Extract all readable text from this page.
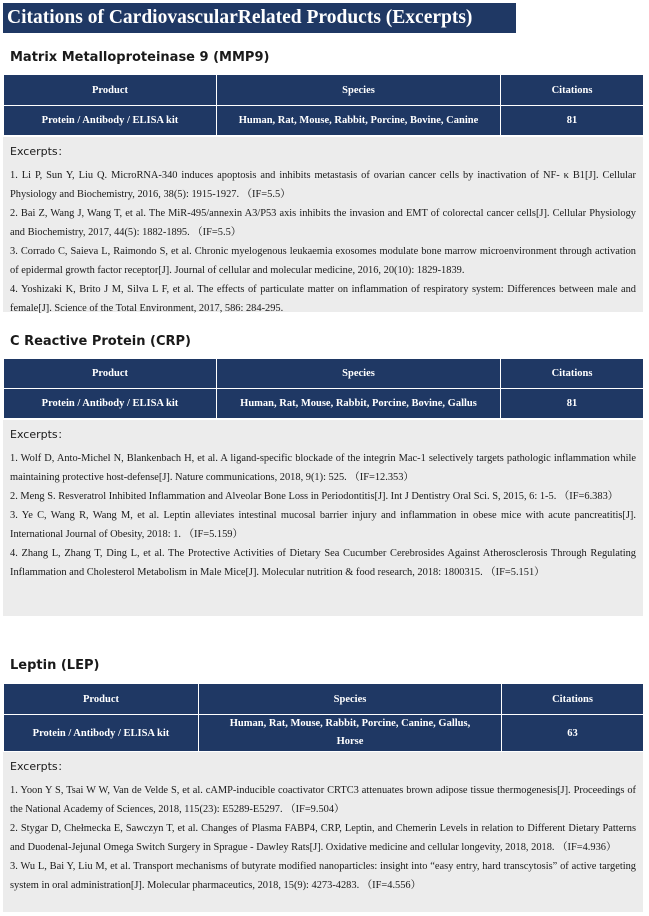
Citations of CardiovascularRelated Products (Excerpts)
Matrix Metalloproteinase 9 (MMP9)
Product	Species	Citations
Protein / Antibody / ELISA kit	Human, Rat, Mouse, Rabbit, Porcine, Bovine, Canine	81
Excerpts：
1. Li P, Sun Y, Liu Q. MicroRNA-340 induces apoptosis and inhibits metastasis of ovarian cancer cells by inactivation of NF- κ B1[J]. Cellular Physiology and Biochemistry, 2016, 38(5): 1915-1927. （IF=5.5）
2. Bai Z, Wang J, Wang T, et al. The MiR-495/annexin A3/P53 axis inhibits the invasion and EMT of colorectal cancer cells[J]. Cellular Physiology and Biochemistry, 2017, 44(5): 1882-1895. （IF=5.5）
3. Corrado C, Saieva L, Raimondo S, et al. Chronic myelogenous leukaemia exosomes modulate bone marrow microenvironment through activation of epidermal growth factor receptor[J]. Journal of cellular and molecular medicine, 2016, 20(10): 1829-1839.
4. Yoshizaki K, Brito J M, Silva L F, et al. The effects of particulate matter on inflammation of respiratory system: Differences between male and female[J]. Science of the Total Environment, 2017, 586: 284-295.
C Reactive Protein (CRP)
Product	Species	Citations
Protein / Antibody / ELISA kit	Human, Rat, Mouse, Rabbit, Porcine, Bovine, Gallus	81
Excerpts：
1. Wolf D, Anto-Michel N, Blankenbach H, et al. A ligand-specific blockade of the integrin Mac-1 selectively targets pathologic inflammation while maintaining protective host-defense[J]. Nature communications, 2018, 9(1): 525. （IF=12.353）
2. Meng S. Resveratrol Inhibited Inflammation and Alveolar Bone Loss in Periodontitis[J]. Int J Dentistry Oral Sci. S, 2015, 6: 1-5. （IF=6.383）
3. Ye C, Wang R, Wang M, et al. Leptin alleviates intestinal mucosal barrier injury and inflammation in obese mice with acute pancreatitis[J]. International Journal of Obesity, 2018: 1. （IF=5.159）
4. Zhang L, Zhang T, Ding L, et al. The Protective Activities of Dietary Sea Cucumber Cerebrosides Against Atherosclerosis Through Regulating Inflammation and Cholesterol Metabolism in Male Mice[J]. Molecular nutrition & food research, 2018: 1800315. （IF=5.151）
Leptin (LEP)
Product	Species	Citations
Protein / Antibody / ELISA kit	Human, Rat, Mouse, Rabbit, Porcine, Canine, Gallus, Horse	63
Excerpts：
1. Yoon Y S, Tsai W W, Van de Velde S, et al. cAMP-inducible coactivator CRTC3 attenuates brown adipose tissue thermogenesis[J]. Proceedings of the National Academy of Sciences, 2018, 115(23): E5289-E5297. （IF=9.504）
2. Stygar D, Chełmecka E, Sawczyn T, et al. Changes of Plasma FABP4, CRP, Leptin, and Chemerin Levels in relation to Different Dietary Patterns and Duodenal-Jejunal Omega Switch Surgery in Sprague - Dawley Rats[J]. Oxidative medicine and cellular longevity, 2018, 2018. （IF=4.936）
3. Wu L, Bai Y, Liu M, et al. Transport mechanisms of butyrate modified nanoparticles: insight into “easy entry, hard transcytosis” of active targeting system in oral administration[J]. Molecular pharmaceutics, 2018, 15(9): 4273-4283. （IF=4.556）
